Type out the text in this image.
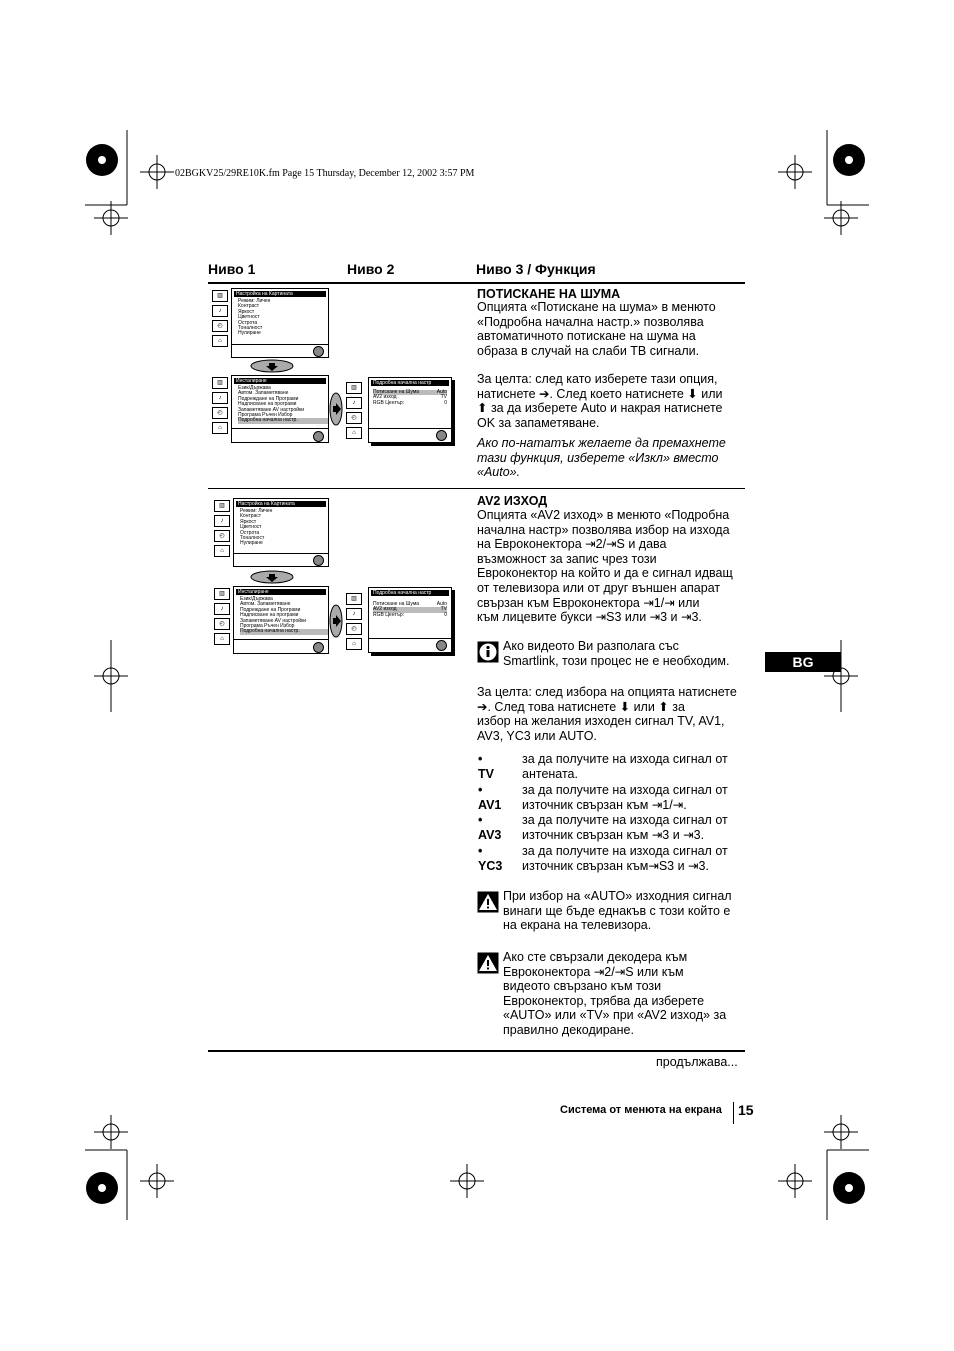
02BGKV25/29RE10K.fm Page 15 Thursday, December 12, 2002 3:57 PM
Ниво 1	Ниво 2	Ниво 3 / Функция
▥
♪
◴
⌂
Настройка на Картината
Режим: Личен
Контраст
Яркост
Цветност
Острота
Тоналност
Нулиране
▥
♪
◴
⌂
Инсталиране
Език/Държава
Автом. Запаметяване
Подреждане на Програми
Надписване на програми
Запаметяване AV настройки
Програма Ръчен Избор
Подробна начална настр.
▥
♪
◴
⌂
Подробна начална настр
Потискане на Шума	Auto
AV2 изход	TV
RGB Център:	0
ПОТИСКАНЕ НА ШУМА
Опцията «Потискане на шума» в менюто
«Подробна начална настр.» позволява
автоматичното потискане на шума на
образа в случай на слаби ТВ сигнали.
За целта: след като изберете тази опция,
натиснете ➔. След което натиснете ⬇ или
⬆ за да изберете Auto и накрая натиснете
OK за запаметяване.
Ако по-нататък желаете да премахнете
тази функция, изберете «Изкл» вместо
«Auto».
▥
♪
◴
⌂
Настройка на Картината
Режим: Личен
Контраст
Яркост
Цветност
Острота
Тоналност
Нулиране
▥
♪
◴
⌂
Инсталиране
Език/Държава
Автом. Запаметяване
Подреждане на Програми
Надписване на програми
Запаметяване AV настройки
Програма Ръчен Избор
Подробна начална настр.
▥
♪
◴
⌂
Подробна начална настр
Потискане на Шума	Auto
AV2 изход	TV
RGB Център:	0
AV2 ИЗХОД
Опцията «AV2 изход» в менюто «Подробна
начална настр» позволява избор на изхода
на Евроконектора ⇥2/⇥S и дава
възможност за запис чрез този
Евроконектор на който и да е сигнал идващ
от телевизора или от друг външен апарат
свързан към Евроконектора ⇥1/⇥ или
към лицевите букси ⇥S3 или ⇥3 и ⇥3.
Ако видеото Ви разполага със
Smartlink, този процес не е необходим.
За целта: след избора на опцията натиснете
➔. След това натиснете ⬇ или ⬆ за
избор на желания изходен сигнал TV, AV1,
AV3, YC3 или AUTO.
• TV
за да получите на изхода сигнал от
антената.
• AV1
за да получите на изхода сигнал от
източник свързан към ⇥1/⇥.
• AV3
за да получите на изхода сигнал от
източник свързан към ⇥3 и ⇥3.
• YC3
за да получите на изхода сигнал от
източник свързан към⇥S3 и ⇥3.
При избор на «AUTO» изходния сигнал
винаги ще бъде еднакъв с този който е
на екрана на телевизора.
Ако сте свързали декодера към
Евроконектора ⇥2/⇥S или към
видеото свързано към този
Евроконектор, трябва да изберете
«AUTO» или «TV» при «AV2 изход» за
правилно декодиране.
продължава...
BG
Система от менюта на екрана 15
